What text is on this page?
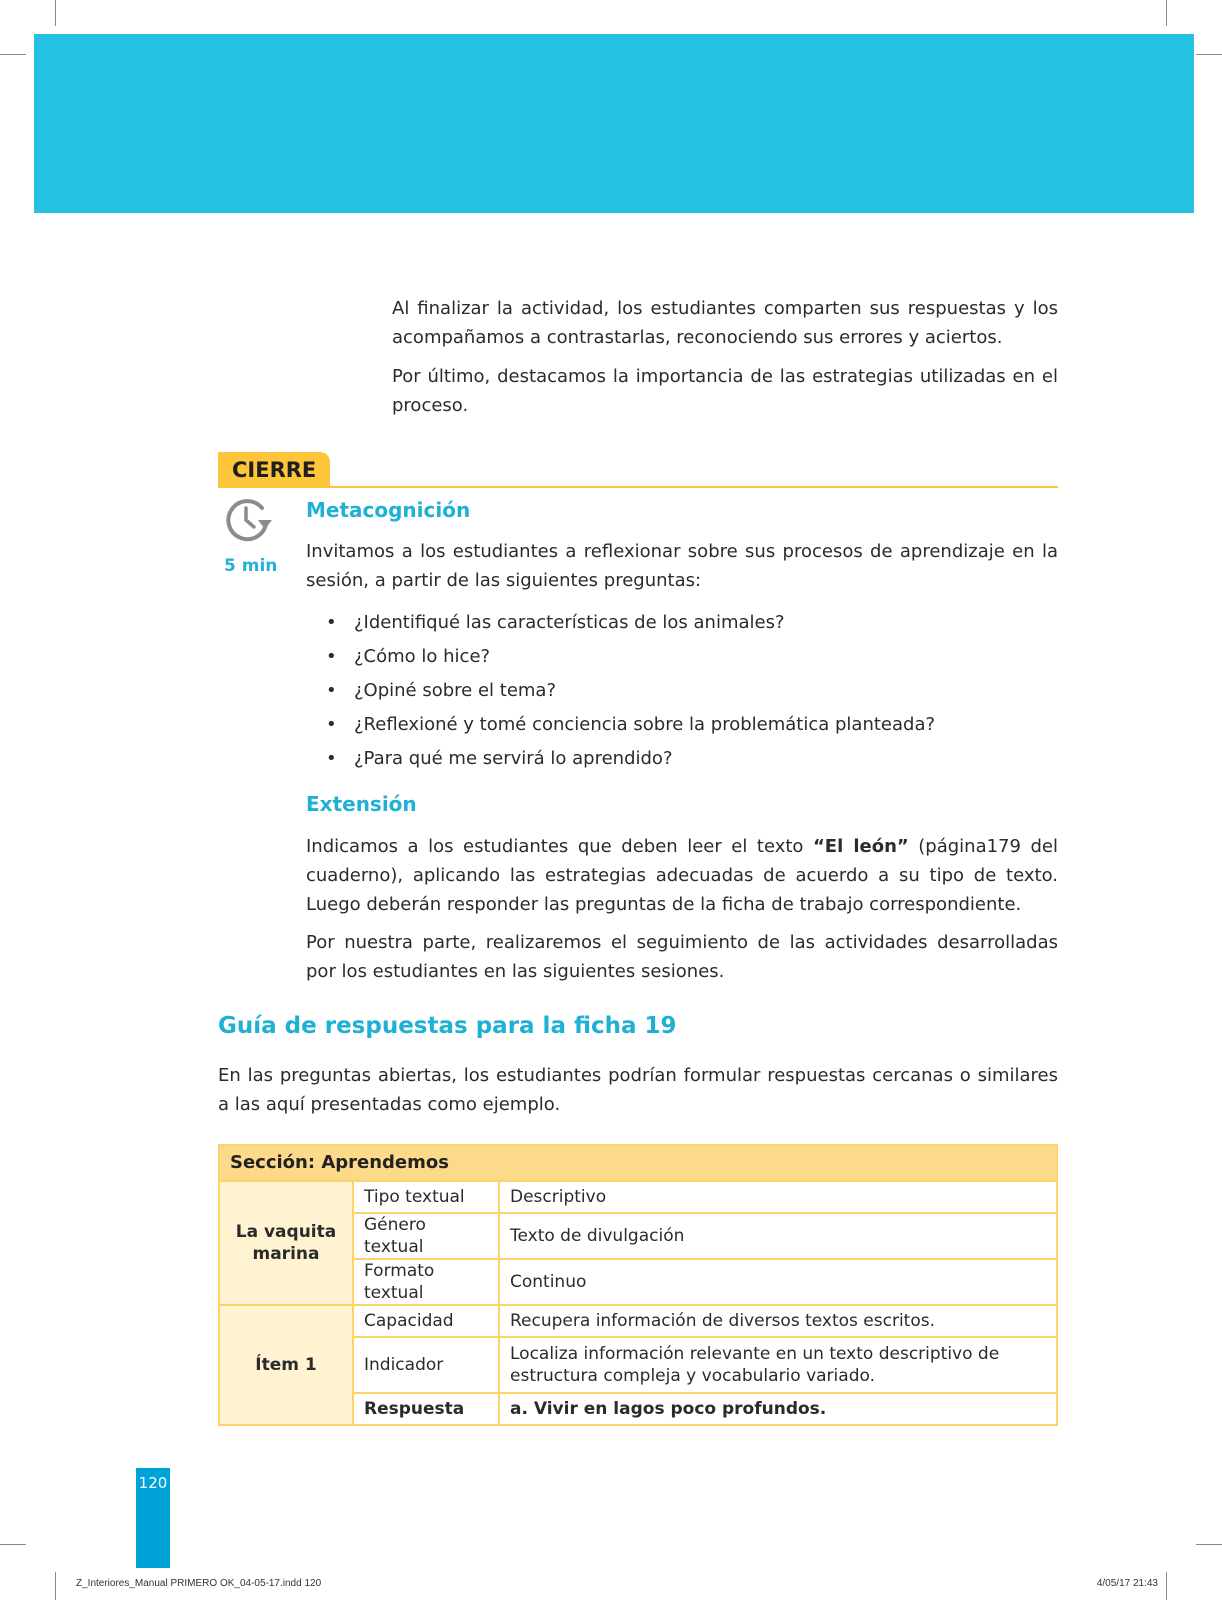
Al finalizar la actividad, los estudiantes comparten sus respuestas y los acompañamos a contrastarlas, reconociendo sus errores y aciertos.

Por último, destacamos la importancia de las estrategias utilizadas en el proceso.

CIERRE
5 min
Metacognición

Invitamos a los estudiantes a reflexionar sobre sus procesos de aprendizaje en la sesión, a partir de las siguientes preguntas:

• ¿Identifiqué las características de los animales?
• ¿Cómo lo hice?
• ¿Opiné sobre el tema?
• ¿Reflexioné y tomé conciencia sobre la problemática planteada?
• ¿Para qué me servirá lo aprendido?
Extensión

Indicamos a los estudiantes que deben leer el texto “El león” (página179 del cuaderno), aplicando las estrategias adecuadas de acuerdo a su tipo de texto. Luego deberán responder las preguntas de la ficha de trabajo correspondiente.

Por nuestra parte, realizaremos el seguimiento de las actividades desarrolladas por los estudiantes en las siguientes sesiones.

Guía de respuestas para la ficha 19

En las preguntas abiertas, los estudiantes podrían formular respuestas cercanas o similares a las aquí presentadas como ejemplo.

Sección: Aprendemos		
La vaquita marina	Tipo textual	Descriptivo
	Género textual	Texto de divulgación
	Formato textual	Continuo
Ítem 1	Capacidad	Recupera información de diversos textos escritos.
	Indicador	Localiza información relevante en un texto descriptivo de estructura compleja y vocabulario variado.
	Respuesta	a. Vivir en lagos poco profundos.
120
Z_Interiores_Manual PRIMERO OK_04-05-17.indd 120	4/05/17 21:43
